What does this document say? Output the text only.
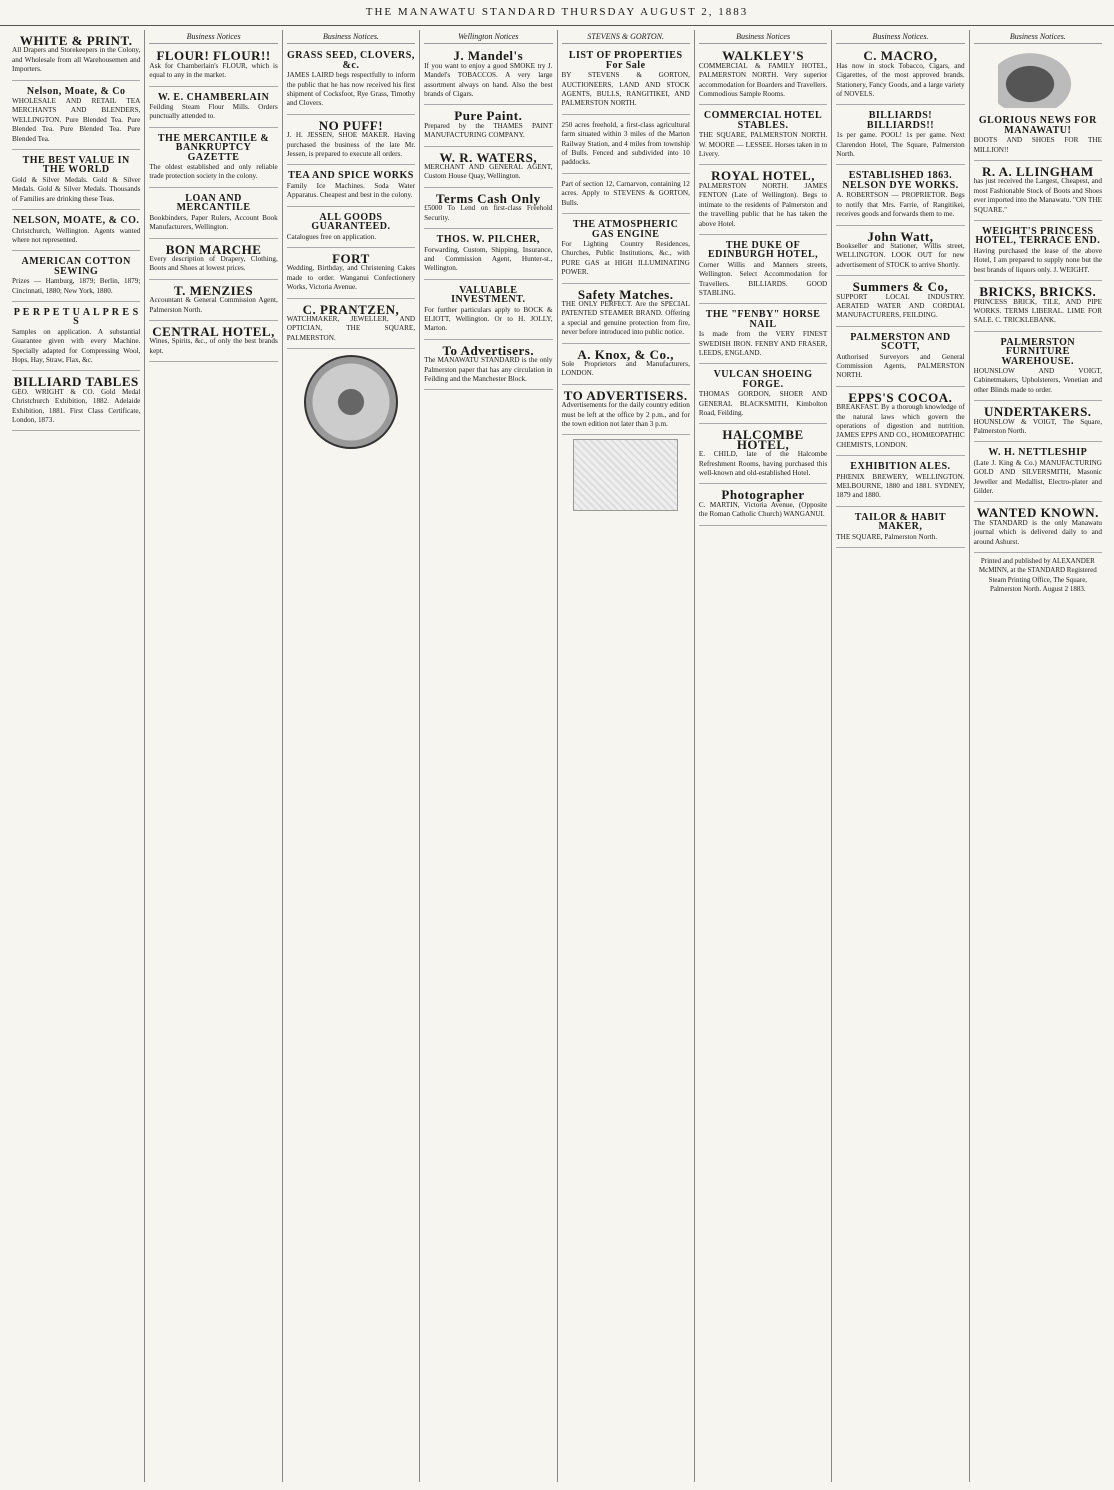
THE MANAWATU STANDARD THURSDAY AUGUST 2, 1883
WHITE & PRINT.

All Drapers and Storekeepers in the Colony, and Wholesale from all Warehousemen and Importers.

Nelson, Moate, & Co

WHOLESALE AND RETAIL TEA MERCHANTS AND BLENDERS, WELLINGTON. Pure Blended Tea. Pure Blended Tea. Pure Blended Tea. Pure Blended Tea.

THE BEST VALUE IN THE WORLD

Gold & Silver Medals. Gold & Silver Medals. Gold & Silver Medals. Thousands of Families are drinking these Teas.

NELSON, MOATE, & CO.

Christchurch, Wellington. Agents wanted where not represented.

AMERICAN COTTON SEWING

Prizes — Hamburg, 1879; Berlin, 1879; Cincinnati, 1880; New York, 1880.

P E R P E T U A L P R E S S

Samples on application. A substantial Guarantee given with every Machine. Specially adapted for Compressing Wool, Hops, Hay, Straw, Flax, &c.

BILLIARD TABLES

GEO. WRIGHT & CO. Gold Medal Christchurch Exhibition, 1882. Adelaide Exhibition, 1881. First Class Certificate, London, 1873.

Business Notices
FLOUR! FLOUR!!

Ask for Chamberlain's FLOUR, which is equal to any in the market.

W. E. CHAMBERLAIN

Feilding Steam Flour Mills. Orders punctually attended to.

THE MERCANTILE & BANKRUPTCY GAZETTE

The oldest established and only reliable trade protection society in the colony.

LOAN AND MERCANTILE

Bookbinders, Paper Rulers, Account Book Manufacturers, Wellington.

BON MARCHE

Every description of Drapery, Clothing, Boots and Shoes at lowest prices.

T. MENZIES

Accountant & General Commission Agent, Palmerston North.

CENTRAL HOTEL,

Wines, Spirits, &c., of only the best brands kept.

Business Notices.
GRASS SEED, CLOVERS, &c.

JAMES LAIRD begs respectfully to inform the public that he has now received his first shipment of Cocksfoot, Rye Grass, Timothy and Clovers.

NO PUFF!

J. H. JESSEN, SHOE MAKER. Having purchased the business of the late Mr. Jessen, is prepared to execute all orders.

TEA AND SPICE WORKS

Family Ice Machines. Soda Water Apparatus. Cheapest and best in the colony.

ALL GOODS GUARANTEED.

Catalogues free on application.

FORT

Wedding, Birthday, and Christening Cakes made to order. Wanganui Confectionery Works, Victoria Avenue.

C. PRANTZEN,

WATCHMAKER, JEWELLER, AND OPTICIAN, THE SQUARE, PALMERSTON.

Wellington Notices
J. Mandel's

If you want to enjoy a good SMOKE try J. Mandel's TOBACCOS. A very large assortment always on hand. Also the best brands of Cigars.

Pure Paint.

Prepared by the THAMES PAINT MANUFACTURING COMPANY.

W. R. WATERS,

MERCHANT AND GENERAL AGENT, Custom House Quay, Wellington.

Terms Cash Only

£5000 To Lend on first-class Freehold Security.

THOS. W. PILCHER,

Forwarding, Custom, Shipping, Insurance, and Commission Agent, Hunter-st., Wellington.

VALUABLE INVESTMENT.

For further particulars apply to BOCK & ELIOTT, Wellington. Or to H. JOLLY, Marton.

To Advertisers.

The MANAWATU STANDARD is the only Palmerston paper that has any circulation in Feilding and the Manchester Block.

STEVENS & GORTON.
LIST OF PROPERTIES For Sale

BY STEVENS & GORTON, AUCTIONEERS, LAND AND STOCK AGENTS, BULLS, RANGITIKEI, AND PALMERSTON NORTH.

250 acres freehold, a first-class agricultural farm situated within 3 miles of the Marton Railway Station, and 4 miles from township of Bulls. Fenced and subdivided into 10 paddocks.

Part of section 12, Carnarvon, containing 12 acres. Apply to STEVENS & GORTON, Bulls.

THE ATMOSPHERIC GAS ENGINE

For Lighting Country Residences, Churches, Public Institutions, &c., with PURE GAS at HIGH ILLUMINATING POWER.

Safety Matches.

THE ONLY PERFECT. Are the SPECIAL PATENTED STEAMER BRAND. Offering a special and genuine protection from fire, never before introduced into public notice.

A. Knox, & Co.,

Sole Proprietors and Manufacturers, LONDON.

TO ADVERTISERS.

Advertisements for the daily country edition must be left at the office by 2 p.m., and for the town edition not later than 3 p.m.

Business Notices
WALKLEY'S

COMMERCIAL & FAMILY HOTEL, PALMERSTON NORTH. Very superior accommodation for Boarders and Travellers. Commodious Sample Rooms.

COMMERCIAL HOTEL STABLES.

THE SQUARE, PALMERSTON NORTH. W. MOORE — LESSEE. Horses taken in to Livery.

ROYAL HOTEL,

PALMERSTON NORTH. JAMES FENTON (Late of Wellington). Begs to intimate to the residents of Palmerston and the travelling public that he has taken the above Hotel.

THE DUKE OF EDINBURGH HOTEL,

Corner Willis and Manners streets, Wellington. Select Accommodation for Travellers. BILLIARDS. GOOD STABLING.

THE "FENBY" HORSE NAIL

Is made from the VERY FINEST SWEDISH IRON. FENBY AND FRASER, LEEDS, ENGLAND.

VULCAN SHOEING FORGE.

THOMAS GORDON, SHOER AND GENERAL BLACKSMITH, Kimbolton Road, Feilding.

HALCOMBE HOTEL,

E. CHILD, late of the Halcombe Refreshment Rooms, having purchased this well-known and old-established Hotel.

Photographer

C. MARTIN, Victoria Avenue, (Opposite the Roman Catholic Church) WANGANUI.

Business Notices.
C. MACRO,

Has now in stock Tobacco, Cigars, and Cigarettes, of the most approved brands. Stationery, Fancy Goods, and a large variety of NOVELS.

BILLIARDS! BILLIARDS!!

1s per game. POOL! 1s per game. Next Clarendon Hotel, The Square, Palmerston North.

ESTABLISHED 1863. NELSON DYE WORKS.

A. ROBERTSON — PROPRIETOR. Begs to notify that Mrs. Farrie, of Rangitikei, receives goods and forwards them to me.

John Watt,

Bookseller and Stationer, Willis street, WELLINGTON. LOOK OUT for new advertisement of STOCK to arrive Shortly.

Summers & Co,

SUPPORT LOCAL INDUSTRY. AERATED WATER AND CORDIAL MANUFACTURERS, FEILDING.

PALMERSTON AND SCOTT,

Authorised Surveyors and General Commission Agents, PALMERSTON NORTH.

EPPS'S COCOA.

BREAKFAST. By a thorough knowledge of the natural laws which govern the operations of digestion and nutrition. JAMES EPPS AND CO., HOMŒOPATHIC CHEMISTS, LONDON.

EXHIBITION ALES.

PHŒNIX BREWERY, WELLINGTON. MELBOURNE, 1880 and 1881. SYDNEY, 1879 and 1880.

TAILOR & HABIT MAKER,

THE SQUARE, Palmerston North.

Business Notices.
GLORIOUS NEWS FOR MANAWATU!

BOOTS AND SHOES FOR THE MILLION!!

R. A. LLINGHAM

has just received the Largest, Cheapest, and most Fashionable Stock of Boots and Shoes ever imported into the Manawatu. "ON THE SQUARE."

WEIGHT'S PRINCESS HOTEL, TERRACE END.

Having purchased the lease of the above Hotel, I am prepared to supply none but the best brands of liquors only. J. WEIGHT.

BRICKS, BRICKS.

PRINCESS BRICK, TILE, AND PIPE WORKS. TERMS LIBERAL. LIME FOR SALE. C. TRICKLEBANK.

PALMERSTON FURNITURE WAREHOUSE.

HOUNSLOW AND VOIGT, Cabinetmakers, Upholsterers, Venetian and other Blinds made to order.

UNDERTAKERS.

HOUNSLOW & VOIGT, The Square, Palmerston North.

W. H. NETTLESHIP

(Late J. King & Co.) MANUFACTURING GOLD AND SILVERSMITH, Masonic Jeweller and Medallist, Electro-plater and Gilder.

WANTED KNOWN.

The STANDARD is the only Manawatu journal which is delivered daily to and around Ashurst.

Printed and published by ALEXANDER McMINN, at the STANDARD Registered Steam Printing Office, The Square, Palmerston North. August 2 1883.
